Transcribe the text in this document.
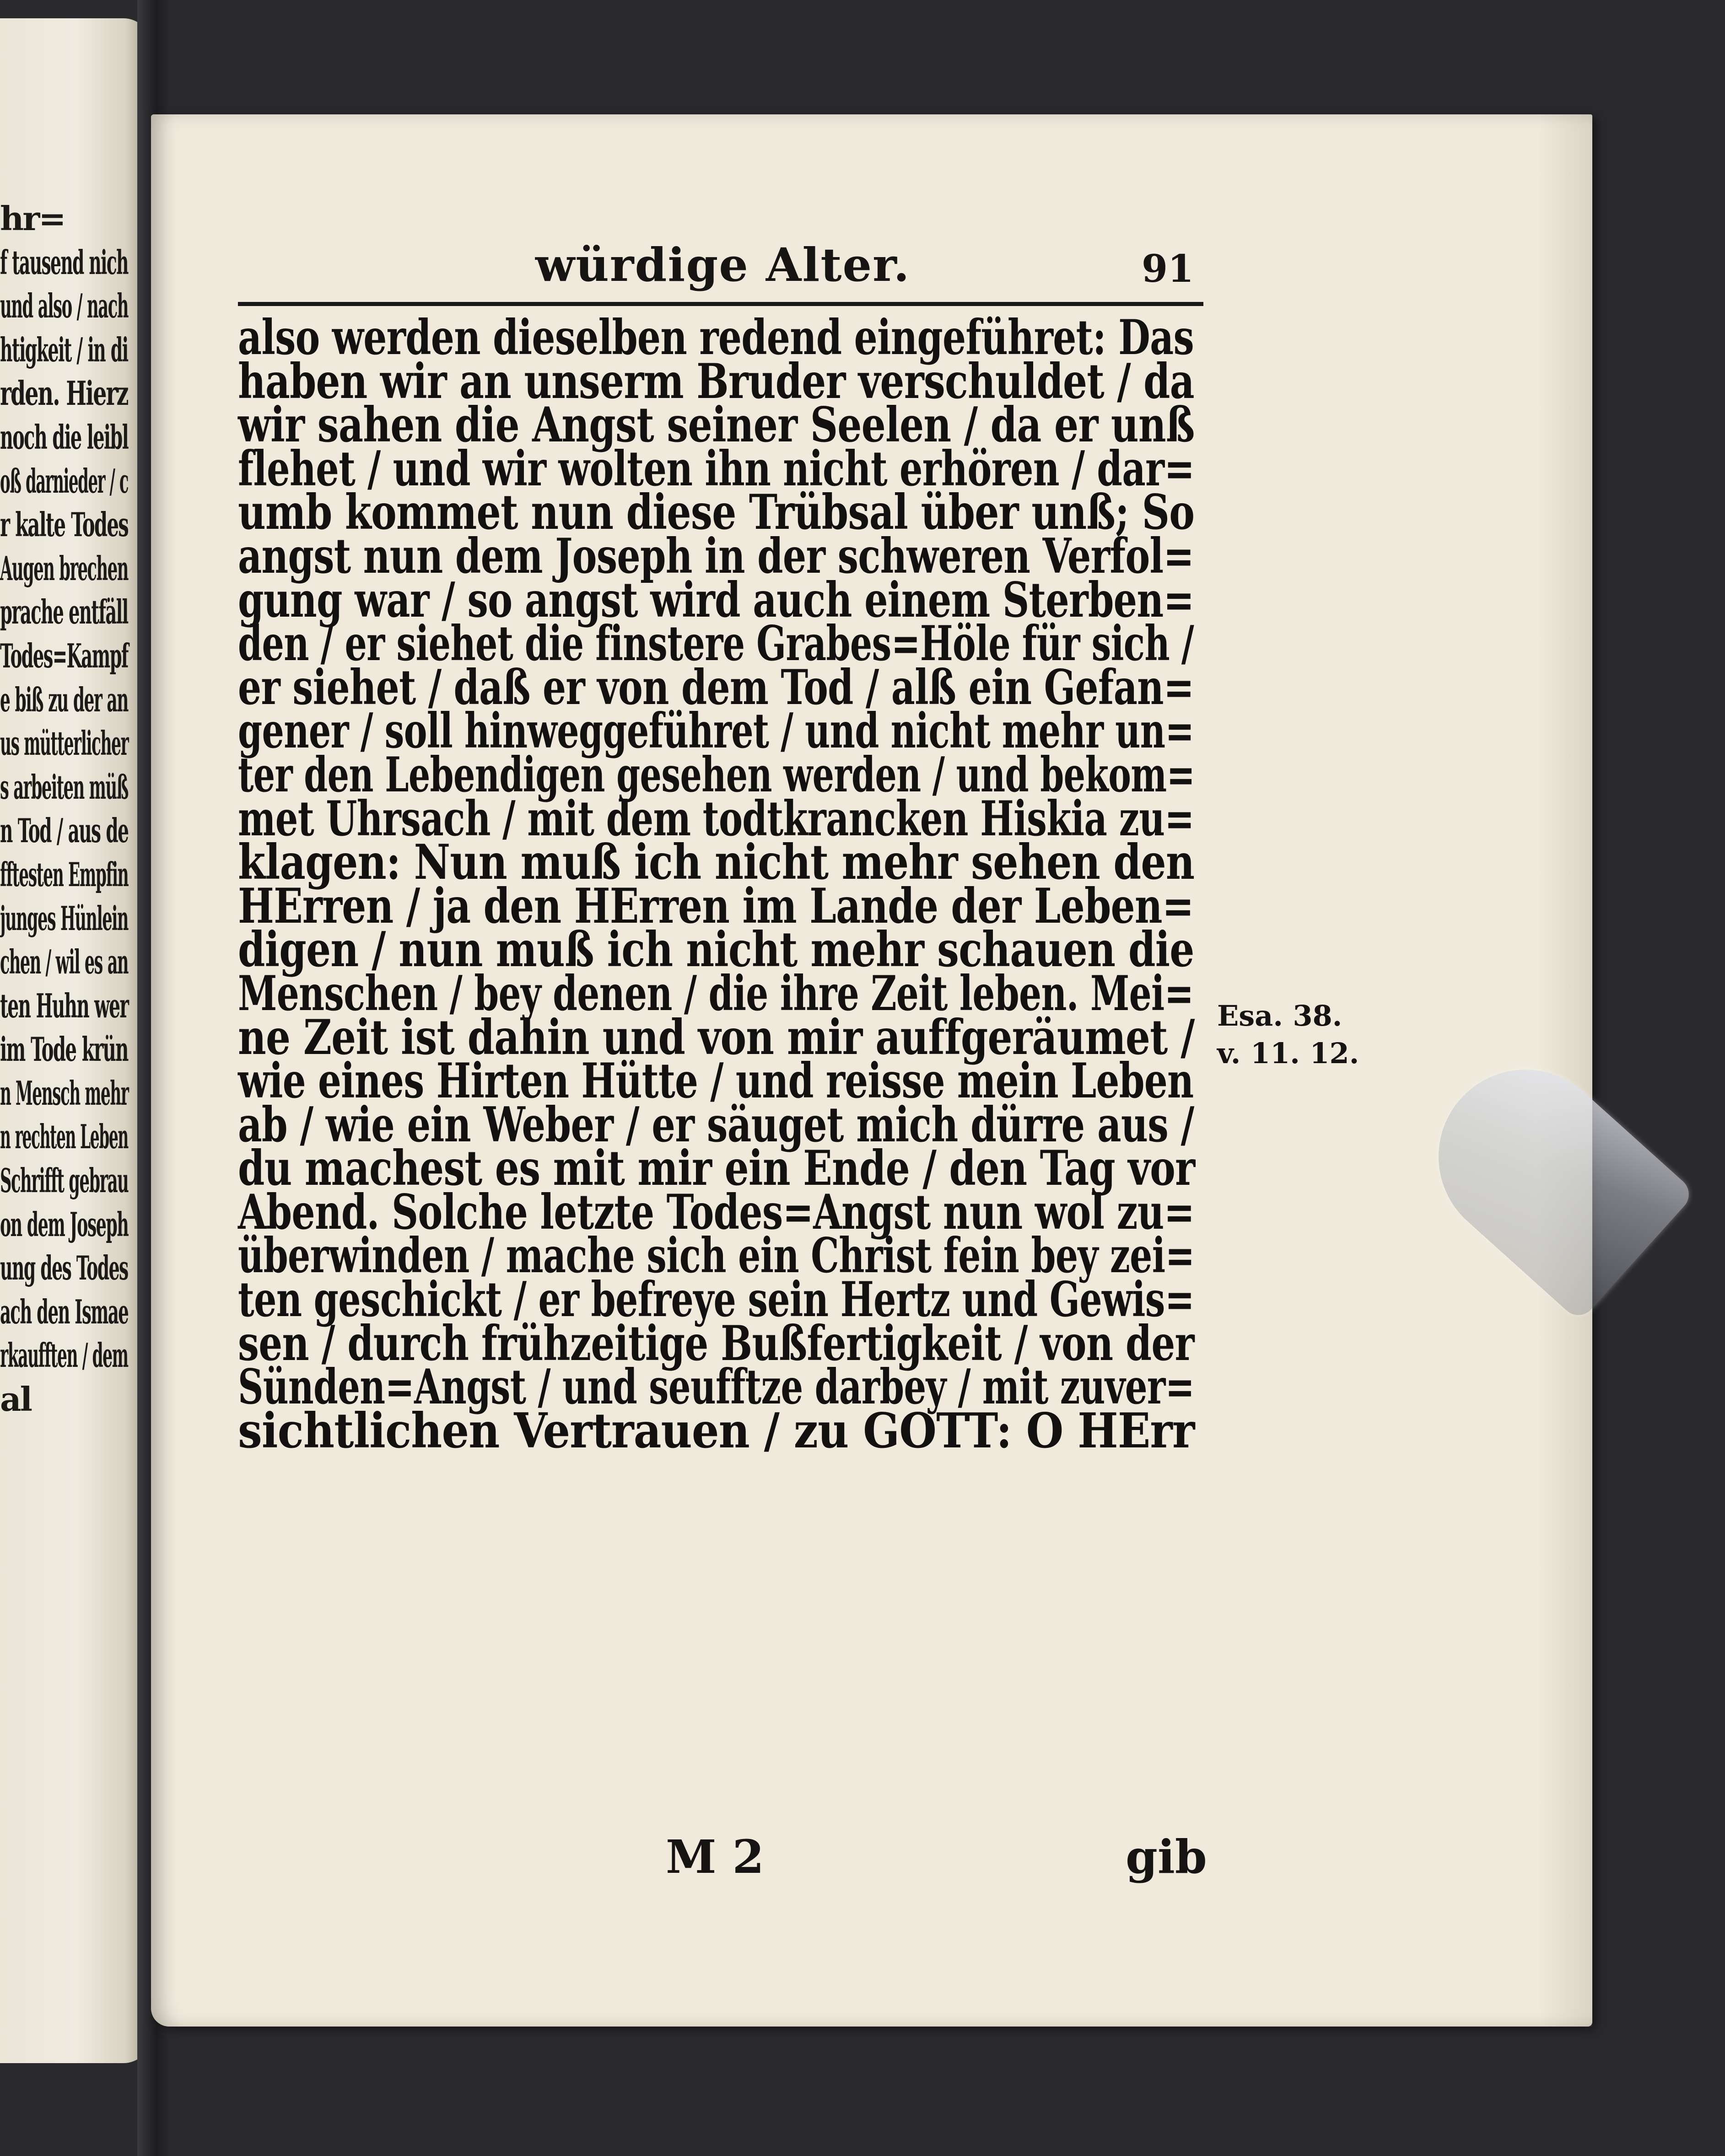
hr=
f tausend nich
und also / nach
htigkeit / in di
rden. Hierz
noch die leibl
oß darnieder / c
r kalte Todes
Augen brechen
prache entfäll
Todes=Kampf
e biß zu der an
us mütterlicher
s arbeiten müß
n Tod / aus de
fftesten Empfin
junges Hünlein
chen / wil es an
ten Huhn wer
im Tode krün
n Mensch mehr
n rechten Leben
Schrifft gebrau
on dem Joseph
ung des Todes
ach den Ismae
rkaufften / dem
al
würdige Alter.	91
also werden dieselben redend eingeführet: Das
haben wir an unserm Bruder verschuldet / da
wir sahen die Angst seiner Seelen / da er unß
flehet / und wir wolten ihn nicht erhören / dar=
umb kommet nun diese Trübsal über unß; So
angst nun dem Joseph in der schweren Verfol=
gung war / so angst wird auch einem Sterben=
den / er siehet die finstere Grabes=Höle für sich /
er siehet / daß er von dem Tod / alß ein Gefan=
gener / soll hinweggeführet / und nicht mehr un=
ter den Lebendigen gesehen werden / und bekom=
met Uhrsach / mit dem todtkrancken Hiskia zu=
klagen: Nun muß ich nicht mehr sehen den
HErren / ja den HErren im Lande der Leben=
digen / nun muß ich nicht mehr schauen die
Menschen / bey denen / die ihre Zeit leben. Mei=
ne Zeit ist dahin und von mir auffgeräumet /
wie eines Hirten Hütte / und reisse mein Leben
ab / wie ein Weber / er säuget mich dürre aus /
du machest es mit mir ein Ende / den Tag vor
Abend. Solche letzte Todes=Angst nun wol zu=
überwinden / mache sich ein Christ fein bey zei=
ten geschickt / er befreye sein Hertz und Gewis=
sen / durch frühzeitige Bußfertigkeit / von der
Sünden=Angst / und seufftze darbey / mit zuver=
sichtlichen Vertrauen / zu GOTT: O HErr
Esa. 38.
v. 11. 12.
M 2	gib
